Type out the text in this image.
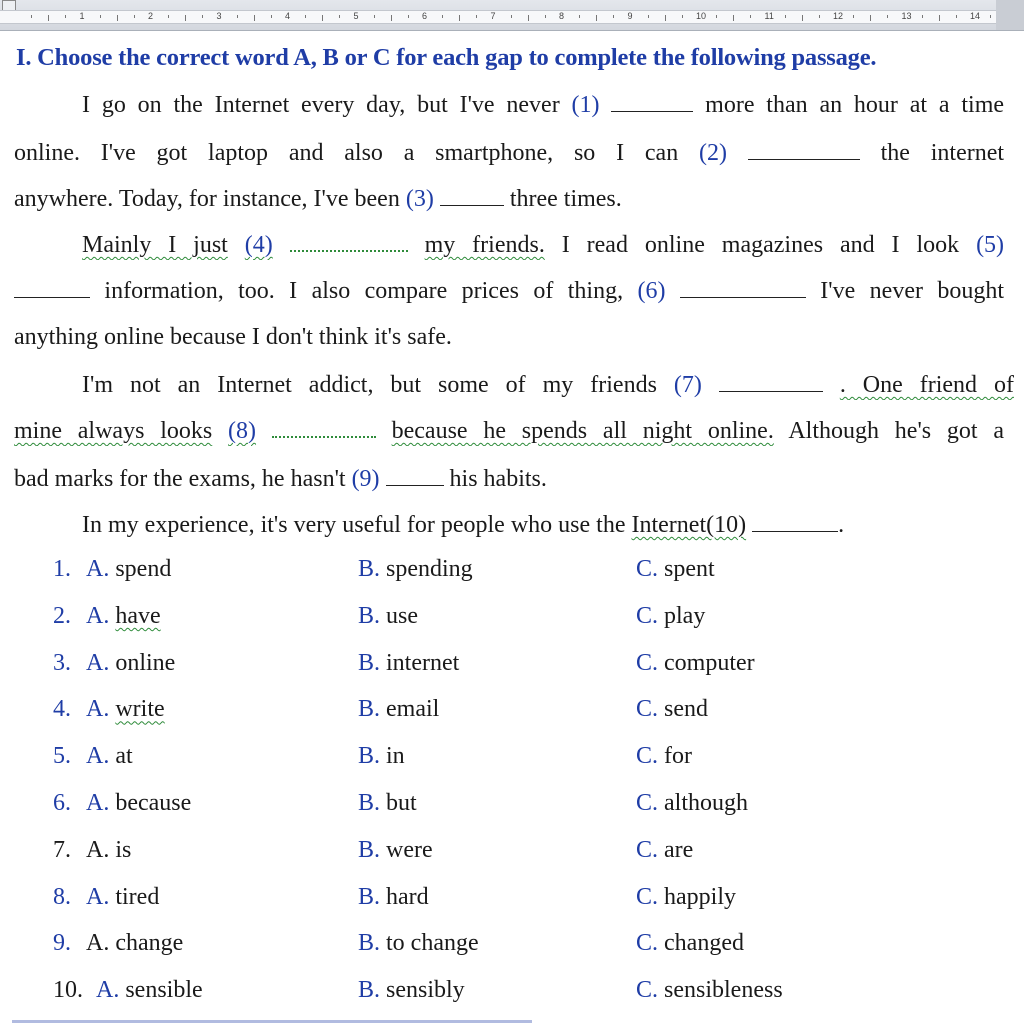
1	2	3	4	5	6	7	8	9	10	11	12	13	14
I. Choose the correct word A, B or C for each gap to complete the following passage.
I go on the Internet every day, but I've never (1)	more than an hour at a time
online. I've got laptop and also a smartphone, so I can (2)	the internet
anywhere. Today, for instance, I've been (3)	three times.
Mainly I just (4)	my friends. I read online magazines and I look (5)
information, too. I also compare prices of thing, (6)	I've never bought
anything online because I don't think it's safe.
I'm not an Internet addict, but some of my friends (7)	. One friend of
mine always looks (8)	because he spends all night online. Although he's got a
bad marks for the exams, he hasn't (9)	his habits.
In my experience, it's very useful for people who use the Internet(10)	.
1. A. spend	B. spending	C. spent
2. A. have	B. use	C. play
3. A. online	B. internet	C. computer
4. A. write	B. email	C. send
5. A. at	B. in	C. for
6. A. because	B. but	C. although
7. A. is	B. were	C. are
8. A. tired	B. hard	C. happily
9. A. change	B. to change	C. changed
10. A. sensible	B. sensibly	C. sensibleness
